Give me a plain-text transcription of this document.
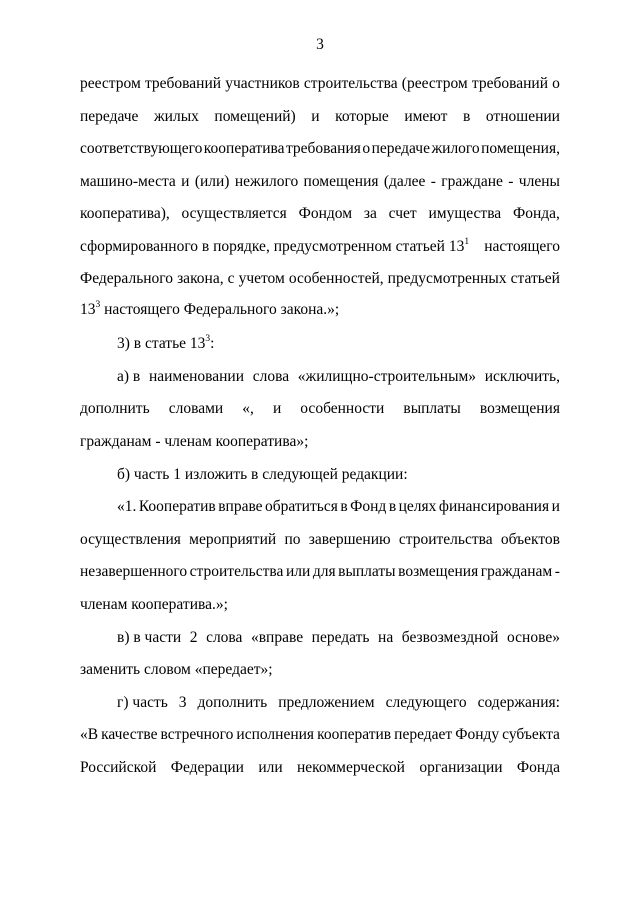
3
реестром требований участников строительства (реестром требований о
передаче жилых помещений) и которые имеют в отношении
соответствующего кооператива требования о передаче жилого помещения,
машино-места и (или) нежилого помещения (далее - граждане - члены
кооператива), осуществляется Фондом за счет имущества Фонда,
сформированного в порядке, предусмотренном статьей $13^1$ настоящего
Федерального закона, с учетом особенностей, предусмотренных статьей
$13^3$ настоящего Федерального закона.»;
3) в статье $13^3$:
а) в наименовании слова «жилищно-строительным» исключить,
дополнить словами «, и особенности выплаты возмещения
гражданам - членам кооператива»;
б) часть 1 изложить в следующей редакции:
«1. Кооператив вправе обратиться в Фонд в целях финансирования и
осуществления мероприятий по завершению строительства объектов
незавершенного строительства или для выплаты возмещения гражданам -
членам кооператива.»;
в) в части 2 слова «вправе передать на безвозмездной основе»
заменить словом «передает»;
г) часть 3 дополнить предложением следующего содержания:
«В качестве встречного исполнения кооператив передает Фонду субъекта
Российской Федерации или некоммерческой организации Фонда
